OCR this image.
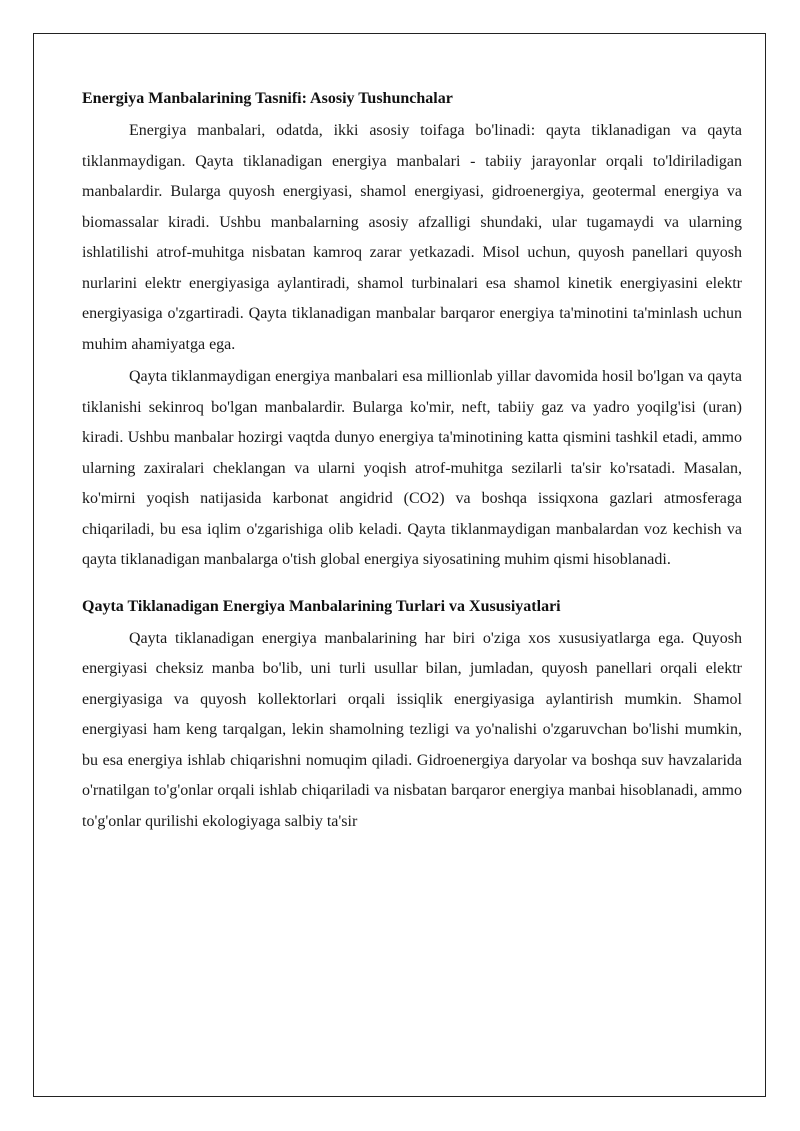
Energiya Manbalarining Tasnifi: Asosiy Tushunchalar

Energiya manbalari, odatda, ikki asosiy toifaga bo'linadi: qayta tiklanadigan va qayta tiklanmaydigan. Qayta tiklanadigan energiya manbalari - tabiiy jarayonlar orqali to'ldiriladigan manbalardir. Bularga quyosh energiyasi, shamol energiyasi, gidroenergiya, geotermal energiya va biomassalar kiradi. Ushbu manbalarning asosiy afzalligi shundaki, ular tugamaydi va ularning ishlatilishi atrof-muhitga nisbatan kamroq zarar yetkazadi. Misol uchun, quyosh panellari quyosh nurlarini elektr energiyasiga aylantiradi, shamol turbinalari esa shamol kinetik energiyasini elektr energiyasiga o'zgartiradi. Qayta tiklanadigan manbalar barqaror energiya ta'minotini ta'minlash uchun muhim ahamiyatga ega.

Qayta tiklanmaydigan energiya manbalari esa millionlab yillar davomida hosil bo'lgan va qayta tiklanishi sekinroq bo'lgan manbalardir. Bularga ko'mir, neft, tabiiy gaz va yadro yoqilg'isi (uran) kiradi. Ushbu manbalar hozirgi vaqtda dunyo energiya ta'minotining katta qismini tashkil etadi, ammo ularning zaxiralari cheklangan va ularni yoqish atrof-muhitga sezilarli ta'sir ko'rsatadi. Masalan, ko'mirni yoqish natijasida karbonat angidrid (CO2) va boshqa issiqxona gazlari atmosferaga chiqariladi, bu esa iqlim o'zgarishiga olib keladi. Qayta tiklanmaydigan manbalardan voz kechish va qayta tiklanadigan manbalarga o'tish global energiya siyosatining muhim qismi hisoblanadi.

Qayta Tiklanadigan Energiya Manbalarining Turlari va Xususiyatlari

Qayta tiklanadigan energiya manbalarining har biri o'ziga xos xususiyatlarga ega. Quyosh energiyasi cheksiz manba bo'lib, uni turli usullar bilan, jumladan, quyosh panellari orqali elektr energiyasiga va quyosh kollektorlari orqali issiqlik energiyasiga aylantirish mumkin. Shamol energiyasi ham keng tarqalgan, lekin shamolning tezligi va yo'nalishi o'zgaruvchan bo'lishi mumkin, bu esa energiya ishlab chiqarishni nomuqim qiladi. Gidroenergiya daryolar va boshqa suv havzalarida o'rnatilgan to'g'onlar orqali ishlab chiqariladi va nisbatan barqaror energiya manbai hisoblanadi, ammo to'g'onlar qurilishi ekologiyaga salbiy ta'sir
